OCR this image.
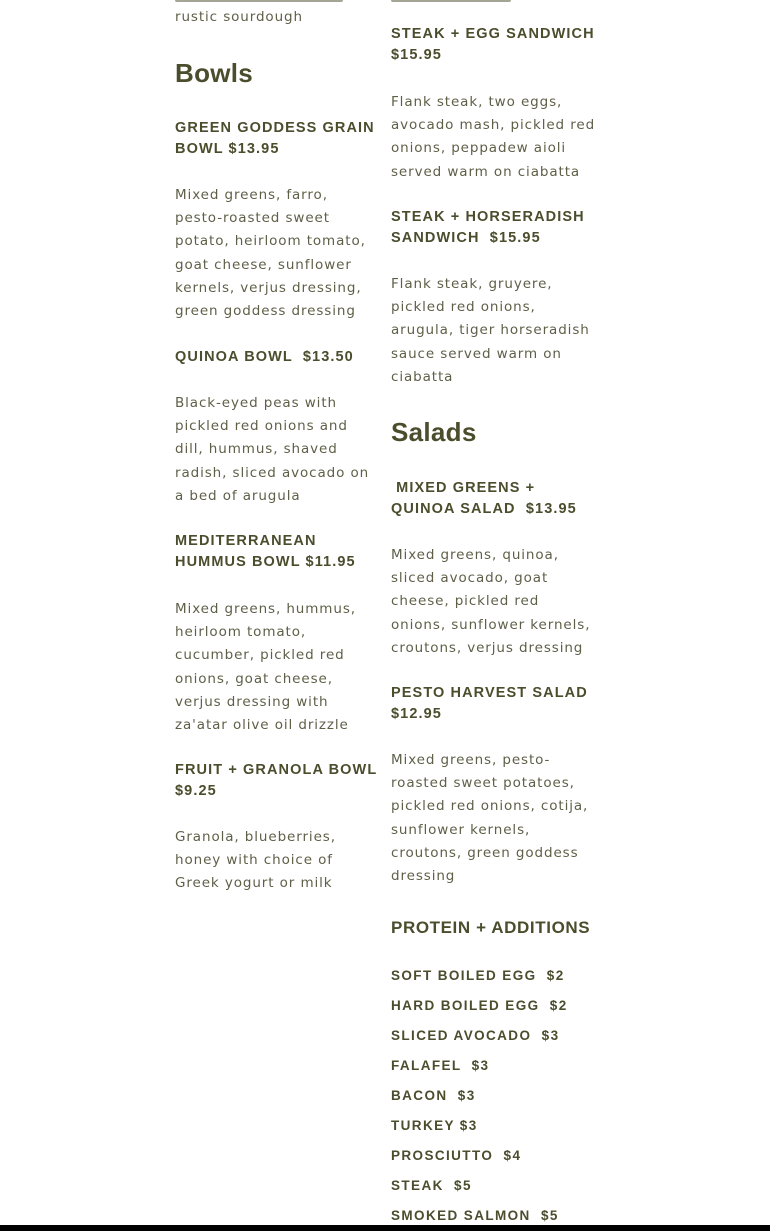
rustic sourdough
Bowls
GREEN GODDESS GRAIN BOWL $13.95
Mixed greens, farro, pesto-roasted sweet potato, heirloom tomato, goat cheese, sunflower kernels, verjus dressing, green goddess dressing
QUINOA BOWL  $13.50
Black-eyed peas with pickled red onions and dill, hummus, shaved radish, sliced avocado on a bed of arugula
MEDITERRANEAN HUMMUS BOWL $11.95
Mixed greens, hummus, heirloom tomato, cucumber, pickled red onions, goat cheese, verjus dressing with za'atar olive oil drizzle
FRUIT + GRANOLA BOWL $9.25
Granola, blueberries, honey with choice of Greek yogurt or milk
STEAK + EGG SANDWICH $15.95
Flank steak, two eggs, avocado mash, pickled red onions, peppadew aioli served warm on ciabatta
STEAK + HORSERADISH SANDWICH  $15.95
Flank steak, gruyere, pickled red onions, arugula, tiger horseradish sauce served warm on ciabatta
Salads
MIXED GREENS + QUINOA SALAD  $13.95
Mixed greens, quinoa, sliced avocado, goat cheese, pickled red onions, sunflower kernels, croutons, verjus dressing
PESTO HARVEST SALAD $12.95
Mixed greens, pesto-roasted sweet potatoes, pickled red onions, cotija, sunflower kernels, croutons, green goddess dressing
PROTEIN + ADDITIONS
SOFT BOILED EGG  $2
HARD BOILED EGG  $2
SLICED AVOCADO  $3
FALAFEL  $3
BACON  $3
TURKEY $3
PROSCIUTTO  $4
STEAK  $5
SMOKED SALMON  $5
